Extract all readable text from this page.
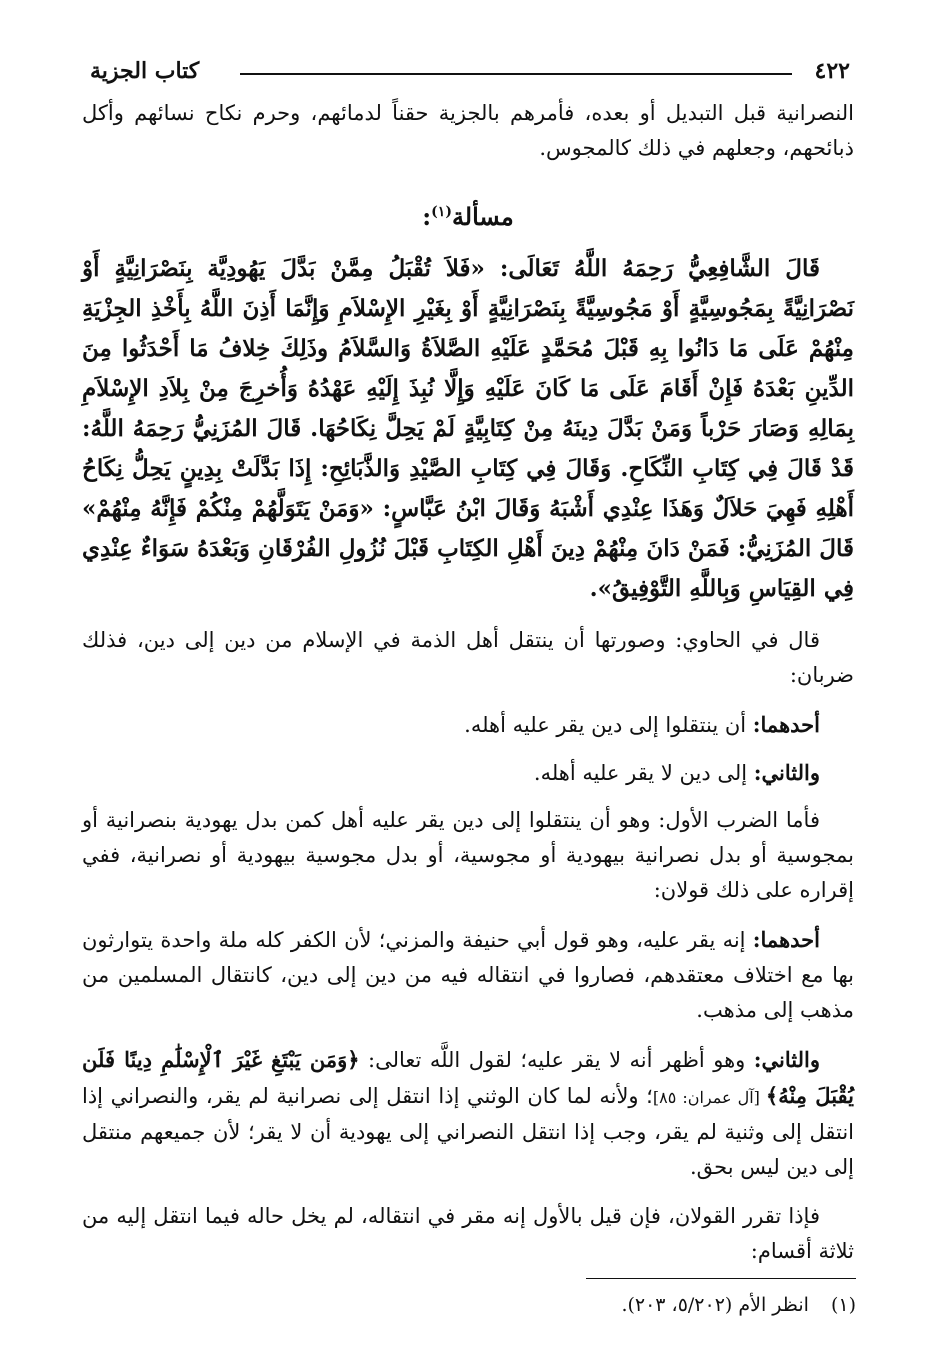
٤٢٢
كتاب الجزية

النصرانية قبل التبديل أو بعده، فأمرهم بالجزية حقناً لدمائهم، وحرم نكاح نسائهم وأكل ذبائحهم، وجعلهم في ذلك كالمجوس.

مسألة$^{(١)}$:

قَالَ الشَّافِعِيُّ رَحِمَهُ اللَّهُ تَعَالَى: «فَلاَ تُقْبَلُ مِمَّنْ بَدَّلَ يَهُودِيَّة بِنَصْرَانِيَّةٍ أَوْ نَصْرَانِيَّةً بِمَجُوسِيَّةٍ أَوْ مَجُوسِيَّةً بِنَصْرَانِيَّةٍ أَوْ بِغَيْرِ الإِسْلاَمِ وَإِنَّمَا أَذِنَ اللَّهُ بِأَخْذِ الجِزْيَةِ مِنْهُمْ عَلَى مَا دَانُوا بِهِ قَبْلَ مُحَمَّدٍ عَلَيْهِ الصَّلاَةُ وَالسَّلاَمُ وذَلِكَ خِلافُ مَا أَحْدَثُوا مِنَ الدِّينِ بَعْدَهُ فَإِنْ أَقَامَ عَلَى مَا كَانَ عَلَيْهِ وَإِلَّا نُبِذَ إِلَيْهِ عَهْدُهُ وَأُخرِجَ مِنْ بِلاَدِ الإِسْلاَمِ بِمَالِهِ وَصَارَ حَرْباً وَمَنْ بَدَّلَ دِينَهُ مِنْ كِتَابِيَّةٍ لَمْ يَحِلَّ نِكَاحُهَا. قَالَ المُزَنِيُّ رَحِمَهُ اللَّهُ: قَدْ قَالَ فِي كِتَابِ النِّكَاحِ. وَقَالَ فِي كِتَابِ الصَّيْدِ وَالذَّبَائِحِ: إِذَا بَدَّلَتْ بِدِينٍ يَحِلُّ نِكَاحُ أَهْلِهِ فَهِيَ حَلاَلٌ وَهَذَا عِنْدِي أَشْبَهُ وَقَالَ ابْنُ عَبَّاسٍ: «وَمَنْ يَتَوَلَّهُمْ مِنْكُمْ فَإِنَّهُ مِنْهُمْ» قَالَ المُزَنِيُّ: فَمَنْ دَانَ مِنْهُمْ دِينَ أَهْلِ الكِتَابِ قَبْلَ نُزُولِ الفُرْقَانِ وَبَعْدَهُ سَوَاءٌ عِنْدِي فِي القِيَاسِ وَبِاللَّهِ التَّوْفِيقُ».

قال في الحاوي: وصورتها أن ينتقل أهل الذمة في الإسلام من دين إلى دين، فذلك ضربان:

أحدهما: أن ينتقلوا إلى دين يقر عليه أهله.

والثاني: إلى دين لا يقر عليه أهله.

فأما الضرب الأول: وهو أن ينتقلوا إلى دين يقر عليه أهل كمن بدل يهودية بنصرانية أو بمجوسية أو بدل نصرانية بيهودية أو مجوسية، أو بدل مجوسية بيهودية أو نصرانية، ففي إقراره على ذلك قولان:

أحدهما: إنه يقر عليه، وهو قول أبي حنيفة والمزني؛ لأن الكفر كله ملة واحدة يتوارثون بها مع اختلاف معتقدهم، فصاروا في انتقاله فيه من دين إلى دين، كانتقال المسلمين من مذهب إلى مذهب.

والثاني: وهو أظهر أنه لا يقر عليه؛ لقول اللَّه تعالى: ﴿وَمَن يَبْتَغِ غَيْرَ ٱلْإِسْلَٰمِ دِينًا فَلَن يُقْبَلَ مِنْهُ﴾ [آل عمران: ٨٥]؛ ولأنه لما كان الوثني إذا انتقل إلى نصرانية لم يقر، والنصراني إذا انتقل إلى وثنية لم يقر، وجب إذا انتقل النصراني إلى يهودية أن لا يقر؛ لأن جميعهم منتقل إلى دين ليس بحق.

فإذا تقرر القولان، فإن قيل بالأول إنه مقر في انتقاله، لم يخل حاله فيما انتقل إليه من ثلاثة أقسام:

(١)انظر الأم (٥/٢٠٢، ٢٠٣).
